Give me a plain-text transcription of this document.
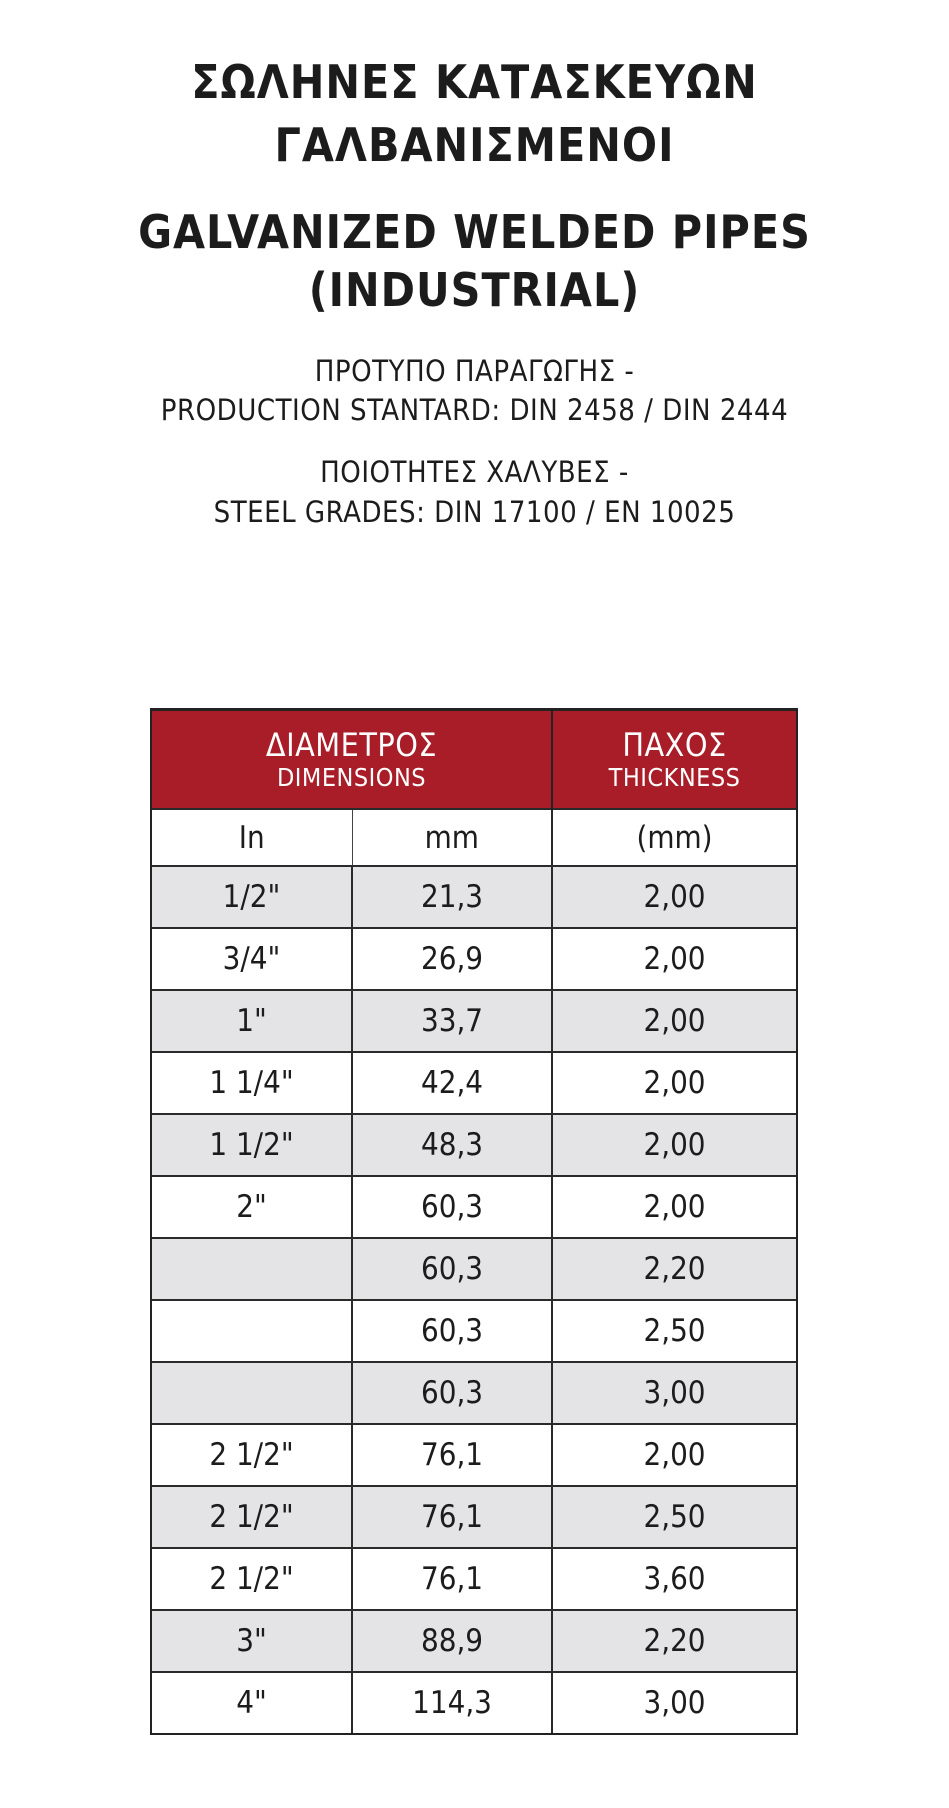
ΣΩΛΗΝΕΣ ΚΑΤΑΣΚΕΥΩΝ
ΓΑΛΒΑΝΙΣΜΕΝΟΙ
GALVANIZED WELDED PIPES
(INDUSTRIAL)

ΠΡΟΤΥΠΟ ΠΑΡΑΓΩΓΗΣ -

PRODUCTION STANTARD: DIN 2458 / DIN 2444

ΠΟΙΟΤΗΤΕΣ ΧΑΛΥΒΕΣ -

STEEL GRADES: DIN 17100 / EN 10025

ΔΙΑΜΕΤΡΟΣ
DIMENSIONS		ΠΑΧΟΣ
THICKNESS

In	mm	(mm)
1/2"	21,3	2,00
3/4"	26,9	2,00
1"	33,7	2,00
1 1/4"	42,4	2,00
1 1/2"	48,3	2,00
2"	60,3	2,00
	60,3	2,20
	60,3	2,50
	60,3	3,00
2 1/2"	76,1	2,00
2 1/2"	76,1	2,50
2 1/2"	76,1	3,60
3"	88,9	2,20
4"	114,3	3,00
